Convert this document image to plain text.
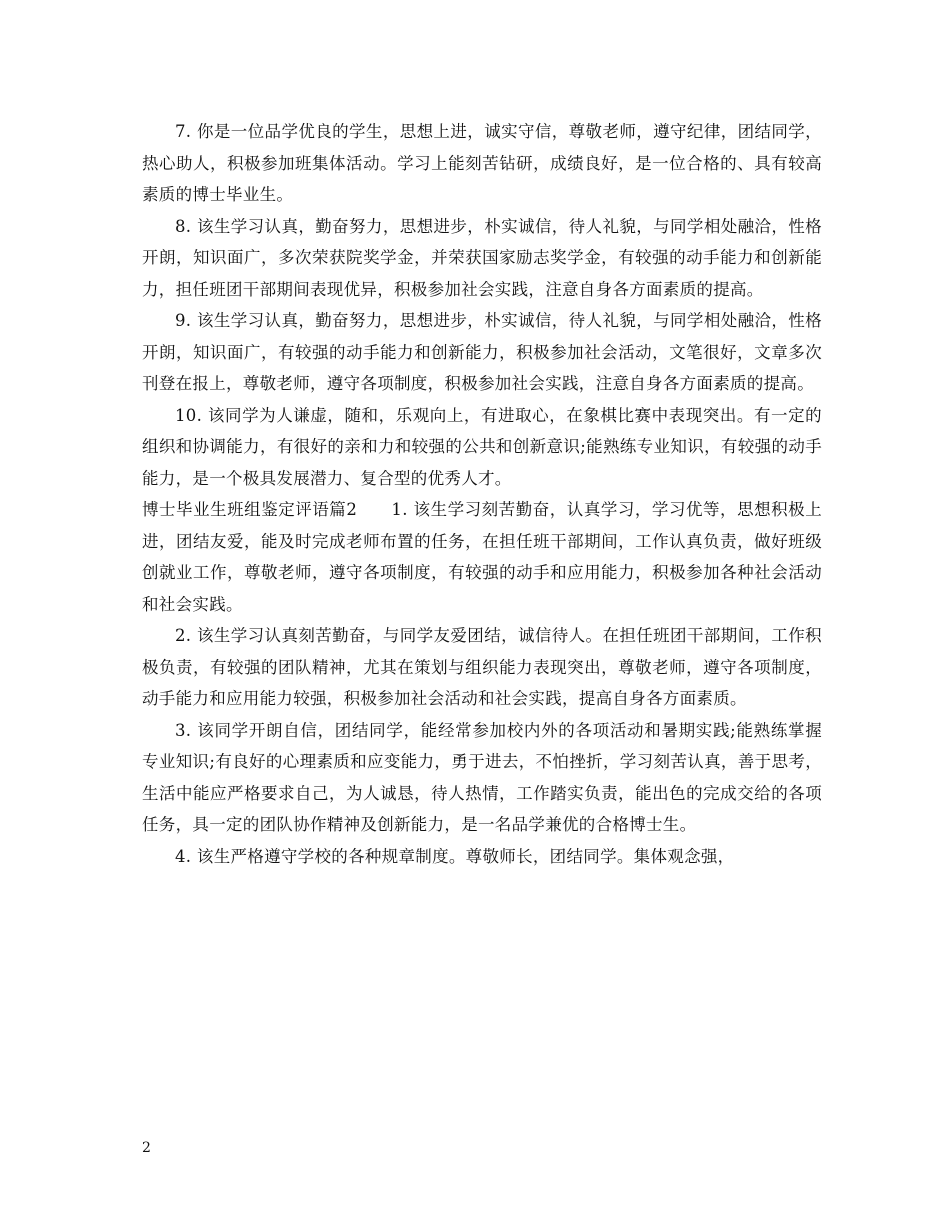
7. 你是一位品学优良的学生，思想上进，诚实守信，尊敬老师，遵守纪律，团结同学，热心助人，积极参加班集体活动。学习上能刻苦钻研，成绩良好，是一位合格的、具有较高素质的博士毕业生。

8. 该生学习认真，勤奋努力，思想进步，朴实诚信，待人礼貌，与同学相处融洽，性格开朗，知识面广，多次荣获院奖学金，并荣获国家励志奖学金，有较强的动手能力和创新能力，担任班团干部期间表现优异，积极参加社会实践，注意自身各方面素质的提高。

9. 该生学习认真，勤奋努力，思想进步，朴实诚信，待人礼貌，与同学相处融洽，性格开朗，知识面广，有较强的动手能力和创新能力，积极参加社会活动，文笔很好，文章多次刊登在报上，尊敬老师，遵守各项制度，积极参加社会实践，注意自身各方面素质的提高。

10. 该同学为人谦虚，随和，乐观向上，有进取心，在象棋比赛中表现突出。有一定的组织和协调能力，有很好的亲和力和较强的公共和创新意识;能熟练专业知识，有较强的动手能力，是一个极具发展潜力、复合型的优秀人才。

博士毕业生班组鉴定评语篇2　　1. 该生学习刻苦勤奋，认真学习，学习优等，思想积极上进，团结友爱，能及时完成老师布置的任务，在担任班干部期间，工作认真负责，做好班级创就业工作，尊敬老师，遵守各项制度，有较强的动手和应用能力，积极参加各种社会活动和社会实践。

2. 该生学习认真刻苦勤奋，与同学友爱团结，诚信待人。在担任班团干部期间，工作积极负责，有较强的团队精神，尤其在策划与组织能力表现突出，尊敬老师，遵守各项制度，动手能力和应用能力较强，积极参加社会活动和社会实践，提高自身各方面素质。

3. 该同学开朗自信，团结同学，能经常参加校内外的各项活动和暑期实践;能熟练掌握专业知识;有良好的心理素质和应变能力，勇于进去，不怕挫折，学习刻苦认真，善于思考，生活中能应严格要求自己，为人诚恳，待人热情，工作踏实负责，能出色的完成交给的各项任务，具一定的团队协作精神及创新能力，是一名品学兼优的合格博士生。

4. 该生严格遵守学校的各种规章制度。尊敬师长，团结同学。集体观念强，

2
